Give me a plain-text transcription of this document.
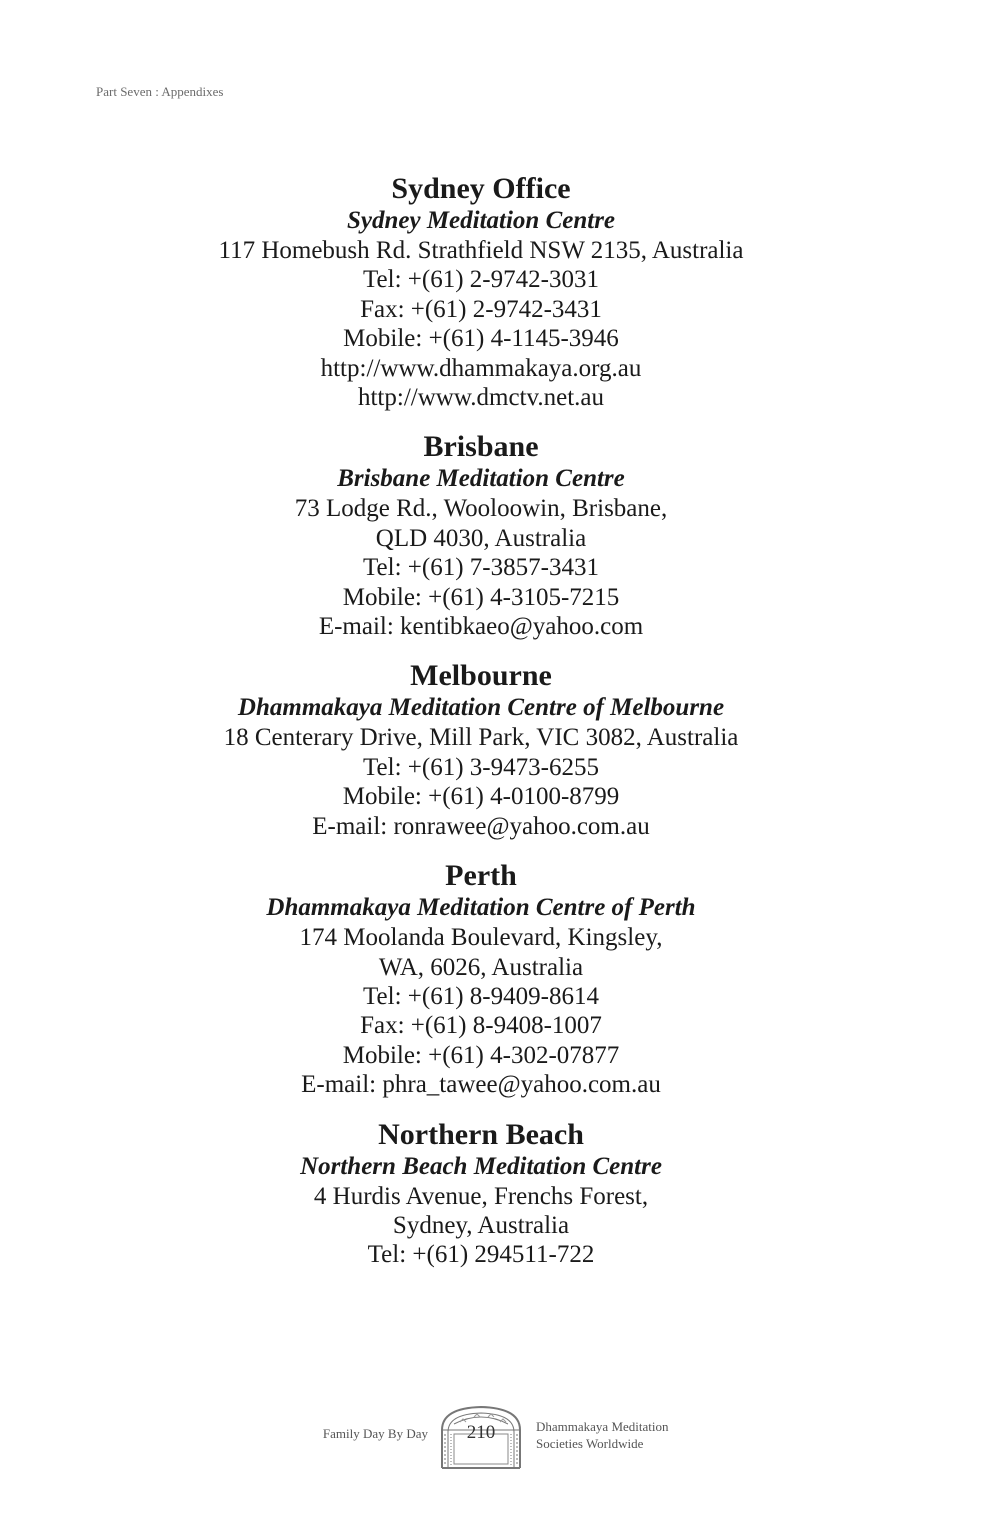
Part Seven : Appendixes
Sydney Office
Sydney Meditation Centre
117 Homebush Rd. Strathfield NSW 2135, Australia
Tel: +(61) 2-9742-3031
Fax: +(61) 2-9742-3431
Mobile: +(61) 4-1145-3946
http://www.dhammakaya.org.au
http://www.dmctv.net.au
Brisbane
Brisbane Meditation Centre
73 Lodge Rd., Wooloowin, Brisbane,
QLD 4030, Australia
Tel: +(61) 7-3857-3431
Mobile: +(61) 4-3105-7215
E-mail: kentibkaeo@yahoo.com
Melbourne
Dhammakaya Meditation Centre of Melbourne
18 Centerary Drive, Mill Park, VIC 3082, Australia
Tel: +(61) 3-9473-6255
Mobile: +(61) 4-0100-8799
E-mail: ronrawee@yahoo.com.au
Perth
Dhammakaya Meditation Centre of Perth
174 Moolanda Boulevard, Kingsley,
WA, 6026, Australia
Tel: +(61) 8-9409-8614
Fax: +(61) 8-9408-1007
Mobile: +(61) 4-302-07877
E-mail: phra_tawee@yahoo.com.au
Northern Beach
Northern Beach Meditation Centre
4 Hurdis Avenue, Frenchs Forest,
Sydney, Australia
Tel: +(61) 294511-722
Family Day By Day	210	Dhammakaya Meditation
Societies Worldwide
